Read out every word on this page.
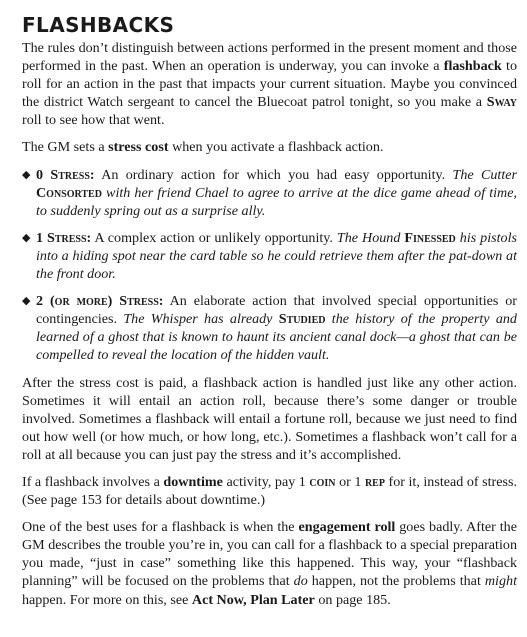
FLASHBACKS

The rules don’t distinguish between actions performed in the present moment and those performed in the past. When an operation is underway, you can invoke a flashback to roll for an action in the past that impacts your current situation. Maybe you convinced the district Watch sergeant to cancel the Bluecoat patrol tonight, so you make a Sway roll to see how that went.

The GM sets a stress cost when you activate a flashback action.

◆ 0 Stress: An ordinary action for which you had easy opportunity. The Cutter Consorted with her friend Chael to agree to arrive at the dice game ahead of time, to suddenly spring out as a surprise ally.
◆ 1 Stress: A complex action or unlikely opportunity. The Hound Finessed his pistols into a hiding spot near the card table so he could retrieve them after the pat-down at the front door.
◆ 2 (or more) Stress: An elaborate action that involved special opportunities or contingencies. The Whisper has already Studied the history of the property and learned of a ghost that is known to haunt its ancient canal dock—a ghost that can be compelled to reveal the location of the hidden vault.

After the stress cost is paid, a flashback action is handled just like any other action. Sometimes it will entail an action roll, because there’s some danger or trouble involved. Sometimes a flashback will entail a fortune roll, because we just need to find out how well (or how much, or how long, etc.). Sometimes a flashback won’t call for a roll at all because you can just pay the stress and it’s accomplished.

If a flashback involves a downtime activity, pay 1 coin or 1 rep for it, instead of stress. (See page 153 for details about downtime.)

One of the best uses for a flashback is when the engagement roll goes badly. After the GM describes the trouble you’re in, you can call for a flashback to a special preparation you made, “just in case” something like this happened. This way, your “flashback planning” will be focused on the problems that do happen, not the problems that might happen. For more on this, see Act Now, Plan Later on page 185.
